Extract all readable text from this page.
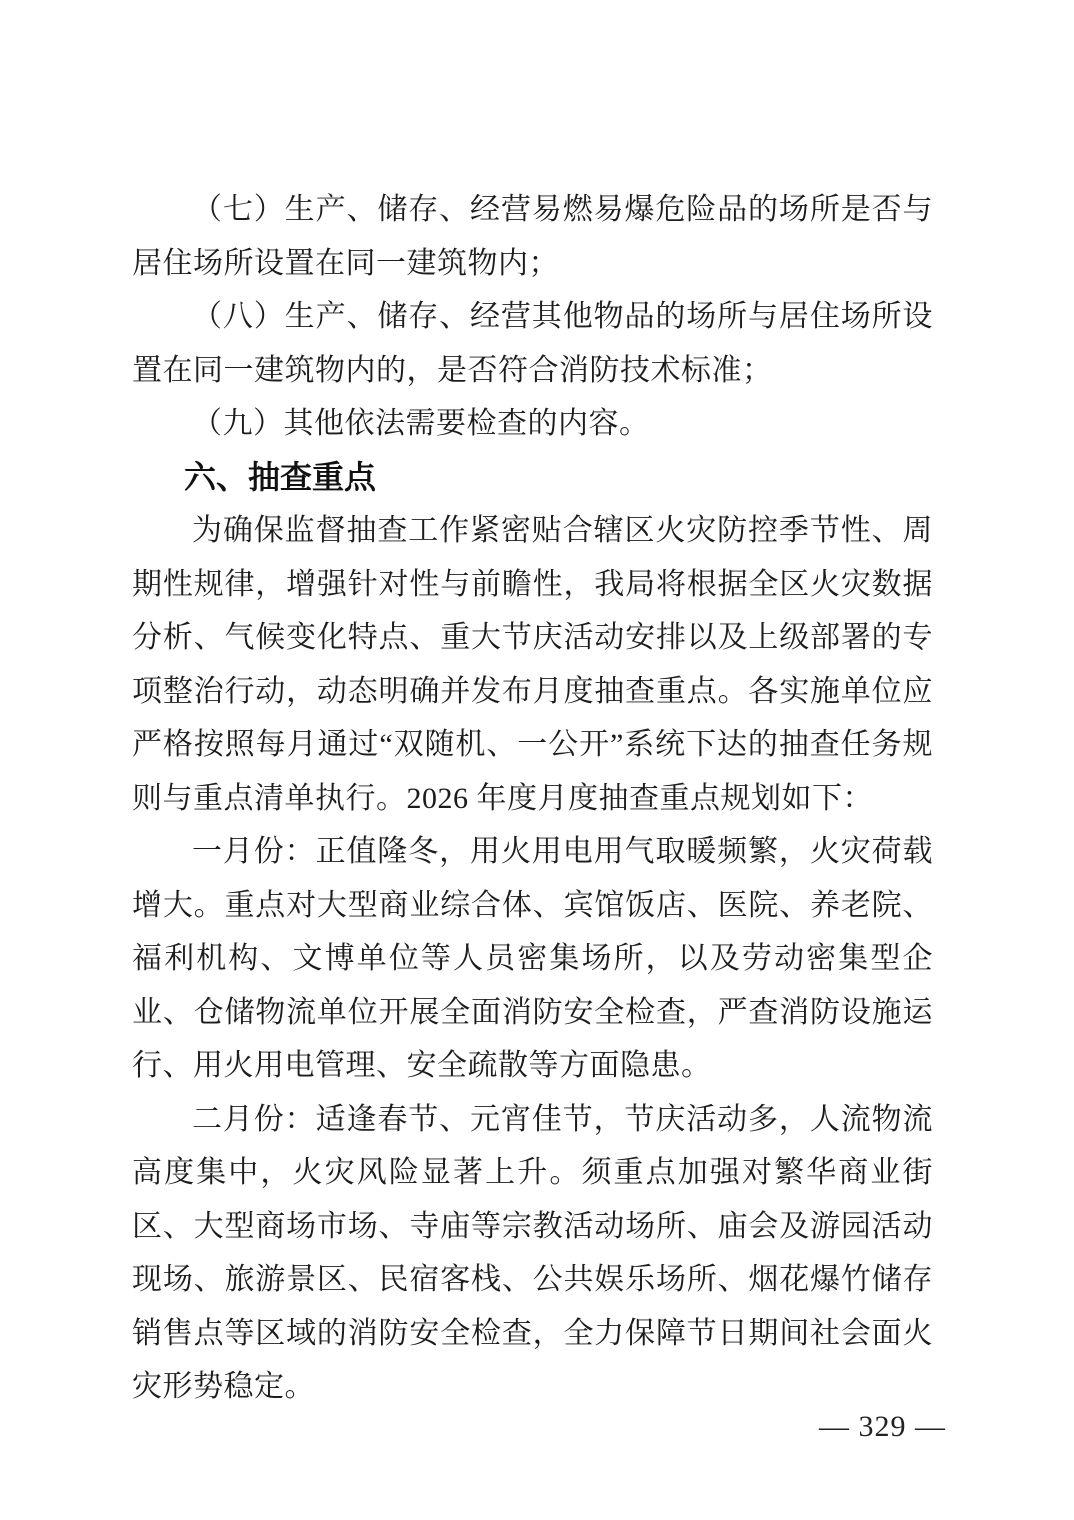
（七）生产、储存、经营易燃易爆危险品的场所是否与居住场所设置在同一建筑物内；

（八）生产、储存、经营其他物品的场所与居住场所设置在同一建筑物内的，是否符合消防技术标准；

（九）其他依法需要检查的内容。

六、抽查重点

为确保监督抽查工作紧密贴合辖区火灾防控季节性、周期性规律，增强针对性与前瞻性，我局将根据全区火灾数据分析、气候变化特点、重大节庆活动安排以及上级部署的专项整治行动，动态明确并发布月度抽查重点。各实施单位应严格按照每月通过“双随机、一公开”系统下达的抽查任务规则与重点清单执行。2026 年度月度抽查重点规划如下：

一月份：正值隆冬，用火用电用气取暖频繁，火灾荷载增大。重点对大型商业综合体、宾馆饭店、医院、养老院、福利机构、文博单位等人员密集场所，以及劳动密集型企业、仓储物流单位开展全面消防安全检查，严查消防设施运行、用火用电管理、安全疏散等方面隐患。

二月份：适逢春节、元宵佳节，节庆活动多，人流物流高度集中，火灾风险显著上升。须重点加强对繁华商业街区、大型商场市场、寺庙等宗教活动场所、庙会及游园活动现场、旅游景区、民宿客栈、公共娱乐场所、烟花爆竹储存销售点等区域的消防安全检查，全力保障节日期间社会面火灾形势稳定。

— 329 —
